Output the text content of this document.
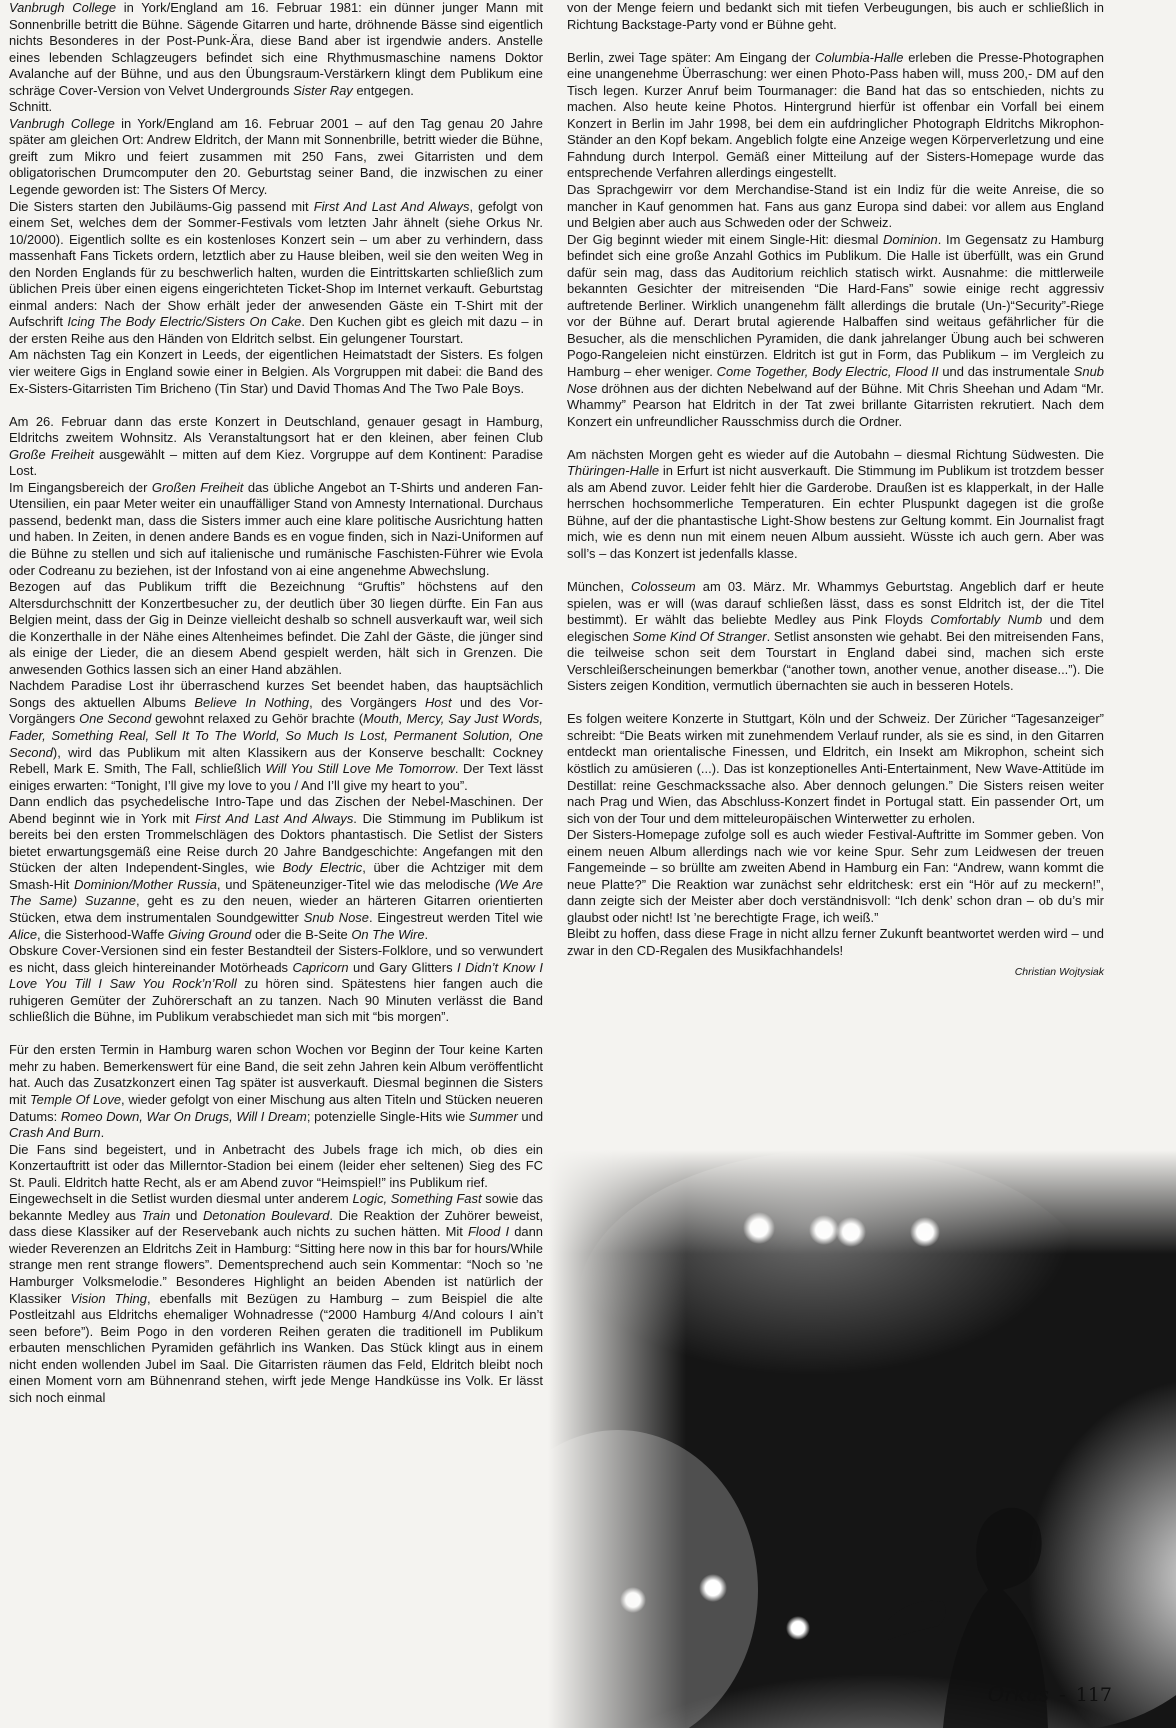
Vanbrugh College in York/England am 16. Februar 1981: ein dünner junger Mann mit Sonnenbrille betritt die Bühne. Sägende Gitarren und harte, dröhnende Bässe sind eigentlich nichts Besonderes in der Post-Punk-Ära, diese Band aber ist irgendwie anders. Anstelle eines lebenden Schlagzeugers befindet sich eine Rhythmusmaschine namens Doktor Avalanche auf der Bühne, und aus den Übungsraum-Verstärkern klingt dem Publikum eine schräge Cover-Version von Velvet Undergrounds Sister Ray entgegen.

Schnitt.

Vanbrugh College in York/England am 16. Februar 2001 – auf den Tag genau 20 Jahre später am gleichen Ort: Andrew Eldritch, der Mann mit Sonnenbrille, betritt wieder die Bühne, greift zum Mikro und feiert zusammen mit 250 Fans, zwei Gitarristen und dem obligatorischen Drumcomputer den 20. Geburtstag seiner Band, die inzwischen zu einer Legende geworden ist: The Sisters Of Mercy.

Die Sisters starten den Jubiläums-Gig passend mit First And Last And Always, gefolgt von einem Set, welches dem der Sommer-Festivals vom letzten Jahr ähnelt (siehe Orkus Nr. 10/2000). Eigentlich sollte es ein kostenloses Konzert sein – um aber zu verhindern, dass massenhaft Fans Tickets ordern, letztlich aber zu Hause bleiben, weil sie den weiten Weg in den Norden Englands für zu beschwerlich halten, wurden die Eintrittskarten schließlich zum üblichen Preis über einen eigens eingerichteten Ticket-Shop im Internet verkauft. Geburtstag einmal anders: Nach der Show erhält jeder der anwesenden Gäste ein T-Shirt mit der Aufschrift Icing The Body Electric/Sisters On Cake. Den Kuchen gibt es gleich mit dazu – in der ersten Reihe aus den Händen von Eldritch selbst. Ein gelungener Tourstart.

Am nächsten Tag ein Konzert in Leeds, der eigentlichen Heimatstadt der Sisters. Es folgen vier weitere Gigs in England sowie einer in Belgien. Als Vorgruppen mit dabei: die Band des Ex-Sisters-Gitarristen Tim Bricheno (Tin Star) und David Thomas And The Two Pale Boys.

Am 26. Februar dann das erste Konzert in Deutschland, genauer gesagt in Hamburg, Eldritchs zweitem Wohnsitz. Als Veranstaltungsort hat er den kleinen, aber feinen Club Große Freiheit ausgewählt – mitten auf dem Kiez. Vorgruppe auf dem Kontinent: Paradise Lost.

Im Eingangsbereich der Großen Freiheit das übliche Angebot an T-Shirts und anderen Fan-Utensilien, ein paar Meter weiter ein unauffälliger Stand von Amnesty International. Durchaus passend, bedenkt man, dass die Sisters immer auch eine klare politische Ausrichtung hatten und haben. In Zeiten, in denen andere Bands es en vogue finden, sich in Nazi-Uniformen auf die Bühne zu stellen und sich auf italienische und rumänische Faschisten-Führer wie Evola oder Codreanu zu beziehen, ist der Infostand von ai eine angenehme Abwechslung.

Bezogen auf das Publikum trifft die Bezeichnung “Gruftis” höchstens auf den Altersdurchschnitt der Konzertbesucher zu, der deutlich über 30 liegen dürfte. Ein Fan aus Belgien meint, dass der Gig in Deinze vielleicht deshalb so schnell ausverkauft war, weil sich die Konzerthalle in der Nähe eines Altenheimes befindet. Die Zahl der Gäste, die jünger sind als einige der Lieder, die an diesem Abend gespielt werden, hält sich in Grenzen. Die anwesenden Gothics lassen sich an einer Hand abzählen.

Nachdem Paradise Lost ihr überraschend kurzes Set beendet haben, das hauptsächlich Songs des aktuellen Albums Believe In Nothing, des Vorgängers Host und des Vor-Vorgängers One Second gewohnt relaxed zu Gehör brachte (Mouth, Mercy, Say Just Words, Fader, Something Real, Sell It To The World, So Much Is Lost, Permanent Solution, One Second), wird das Publikum mit alten Klassikern aus der Konserve beschallt: Cockney Rebell, Mark E. Smith, The Fall, schließlich Will You Still Love Me Tomorrow. Der Text lässt einiges erwarten: “Tonight, I’ll give my love to you / And I’ll give my heart to you”.

Dann endlich das psychedelische Intro-Tape und das Zischen der Nebel-Maschinen. Der Abend beginnt wie in York mit First And Last And Always. Die Stimmung im Publikum ist bereits bei den ersten Trommelschlägen des Doktors phantastisch. Die Setlist der Sisters bietet erwartungsgemäß eine Reise durch 20 Jahre Bandgeschichte: Angefangen mit den Stücken der alten Independent-Singles, wie Body Electric, über die Achtziger mit dem Smash-Hit Dominion/Mother Russia, und Späteneunziger-Titel wie das melodische (We Are The Same) Suzanne, geht es zu den neuen, wieder an härteren Gitarren orientierten Stücken, etwa dem instrumentalen Soundgewitter Snub Nose. Eingestreut werden Titel wie Alice, die Sisterhood-Waffe Giving Ground oder die B-Seite On The Wire.

Obskure Cover-Versionen sind ein fester Bestandteil der Sisters-Folklore, und so verwundert es nicht, dass gleich hintereinander Motörheads Capricorn und Gary Glitters I Didn’t Know I Love You Till I Saw You Rock’n’Roll zu hören sind. Spätestens hier fangen auch die ruhigeren Gemüter der Zuhörerschaft an zu tanzen. Nach 90 Minuten verlässt die Band schließlich die Bühne, im Publikum verabschiedet man sich mit “bis morgen”.

Für den ersten Termin in Hamburg waren schon Wochen vor Beginn der Tour keine Karten mehr zu haben. Bemerkenswert für eine Band, die seit zehn Jahren kein Album veröffentlicht hat. Auch das Zusatzkonzert einen Tag später ist ausverkauft. Diesmal beginnen die Sisters mit Temple Of Love, wieder gefolgt von einer Mischung aus alten Titeln und Stücken neueren Datums: Romeo Down, War On Drugs, Will I Dream; potenzielle Single-Hits wie Summer und Crash And Burn.

Die Fans sind begeistert, und in Anbetracht des Jubels frage ich mich, ob dies ein Konzertauftritt ist oder das Millerntor-Stadion bei einem (leider eher seltenen) Sieg des FC St. Pauli. Eldritch hatte Recht, als er am Abend zuvor “Heimspiel!” ins Publikum rief.

Eingewechselt in die Setlist wurden diesmal unter anderem Logic, Something Fast sowie das bekannte Medley aus Train und Detonation Boulevard. Die Reaktion der Zuhörer beweist, dass diese Klassiker auf der Reservebank auch nichts zu suchen hätten. Mit Flood I dann wieder Reverenzen an Eldritchs Zeit in Hamburg: “Sitting here now in this bar for hours/While strange men rent strange flowers”. Dementsprechend auch sein Kommentar: “Noch so ’ne Hamburger Volksmelodie.” Besonderes Highlight an beiden Abenden ist natürlich der Klassiker Vision Thing, ebenfalls mit Bezügen zu Hamburg – zum Beispiel die alte Postleitzahl aus Eldritchs ehemaliger Wohnadresse (“2000 Hamburg 4/And colours I ain’t seen before”). Beim Pogo in den vorderen Reihen geraten die traditionell im Publikum erbauten menschlichen Pyramiden gefährlich ins Wanken. Das Stück klingt aus in einem nicht enden wollenden Jubel im Saal. Die Gitarristen räumen das Feld, Eldritch bleibt noch einen Moment vorn am Bühnenrand stehen, wirft jede Menge Handküsse ins Volk. Er lässt sich noch einmal

von der Menge feiern und bedankt sich mit tiefen Verbeugungen, bis auch er schließlich in Richtung Backstage-Party vond er Bühne geht.

Berlin, zwei Tage später: Am Eingang der Columbia-Halle erleben die Presse-Photographen eine unangenehme Überraschung: wer einen Photo-Pass haben will, muss 200,- DM auf den Tisch legen. Kurzer Anruf beim Tourmanager: die Band hat das so entschieden, nichts zu machen. Also heute keine Photos. Hintergrund hierfür ist offenbar ein Vorfall bei einem Konzert in Berlin im Jahr 1998, bei dem ein aufdringlicher Photograph Eldritchs Mikrophon-Ständer an den Kopf bekam. Angeblich folgte eine Anzeige wegen Körperverletzung und eine Fahndung durch Interpol. Gemäß einer Mitteilung auf der Sisters-Homepage wurde das entsprechende Verfahren allerdings eingestellt.

Das Sprachgewirr vor dem Merchandise-Stand ist ein Indiz für die weite Anreise, die so mancher in Kauf genommen hat. Fans aus ganz Europa sind dabei: vor allem aus England und Belgien aber auch aus Schweden oder der Schweiz.

Der Gig beginnt wieder mit einem Single-Hit: diesmal Dominion. Im Gegensatz zu Hamburg befindet sich eine große Anzahl Gothics im Publikum. Die Halle ist überfüllt, was ein Grund dafür sein mag, dass das Auditorium reichlich statisch wirkt. Ausnahme: die mittlerweile bekannten Gesichter der mitreisenden “Die Hard-Fans” sowie einige recht aggressiv auftretende Berliner. Wirklich unangenehm fällt allerdings die brutale (Un-)“Security”-Riege vor der Bühne auf. Derart brutal agierende Halbaffen sind weitaus gefährlicher für die Besucher, als die menschlichen Pyramiden, die dank jahrelanger Übung auch bei schweren Pogo-Rangeleien nicht einstürzen. Eldritch ist gut in Form, das Publikum – im Vergleich zu Hamburg – eher weniger. Come Together, Body Electric, Flood II und das instrumentale Snub Nose dröhnen aus der dichten Nebelwand auf der Bühne. Mit Chris Sheehan und Adam “Mr. Whammy” Pearson hat Eldritch in der Tat zwei brillante Gitarristen rekrutiert. Nach dem Konzert ein unfreundlicher Rausschmiss durch die Ordner.

Am nächsten Morgen geht es wieder auf die Autobahn – diesmal Richtung Südwesten. Die Thüringen-Halle in Erfurt ist nicht ausverkauft. Die Stimmung im Publikum ist trotzdem besser als am Abend zuvor. Leider fehlt hier die Garderobe. Draußen ist es klapperkalt, in der Halle herrschen hochsommerliche Temperaturen. Ein echter Pluspunkt dagegen ist die große Bühne, auf der die phantastische Light-Show bestens zur Geltung kommt. Ein Journalist fragt mich, wie es denn nun mit einem neuen Album aussieht. Wüsste ich auch gern. Aber was soll’s – das Konzert ist jedenfalls klasse.

München, Colosseum am 03. März. Mr. Whammys Geburtstag. Angeblich darf er heute spielen, was er will (was darauf schließen lässt, dass es sonst Eldritch ist, der die Titel bestimmt). Er wählt das beliebte Medley aus Pink Floyds Comfortably Numb und dem elegischen Some Kind Of Stranger. Setlist ansonsten wie gehabt. Bei den mitreisenden Fans, die teilweise schon seit dem Tourstart in England dabei sind, machen sich erste Verschleißerscheinungen bemerkbar (“another town, another venue, another disease...”). Die Sisters zeigen Kondition, vermutlich übernachten sie auch in besseren Hotels.

Es folgen weitere Konzerte in Stuttgart, Köln und der Schweiz. Der Züricher “Tagesanzeiger” schreibt: “Die Beats wirken mit zunehmendem Verlauf runder, als sie es sind, in den Gitarren entdeckt man orientalische Finessen, und Eldritch, ein Insekt am Mikrophon, scheint sich köstlich zu amüsieren (...). Das ist konzeptionelles Anti-Entertainment, New Wave-Attitüde im Destillat: reine Geschmackssache also. Aber dennoch gelungen.” Die Sisters reisen weiter nach Prag und Wien, das Abschluss-Konzert findet in Portugal statt. Ein passender Ort, um sich von der Tour und dem mitteleuropäischen Winterwetter zu erholen.

Der Sisters-Homepage zufolge soll es auch wieder Festival-Auftritte im Sommer geben. Von einem neuen Album allerdings nach wie vor keine Spur. Sehr zum Leidwesen der treuen Fangemeinde – so brüllte am zweiten Abend in Hamburg ein Fan: “Andrew, wann kommt die neue Platte?” Die Reaktion war zunächst sehr eldritchesk: erst ein “Hör auf zu meckern!”, dann zeigte sich der Meister aber doch verständnisvoll: “Ich denk’ schon dran – ob du’s mir glaubst oder nicht! Ist ’ne berechtigte Frage, ich weiß.”

Bleibt zu hoffen, dass diese Frage in nicht allzu ferner Zukunft beantwortet werden wird – und zwar in den CD-Regalen des Musikfachhandels!

Christian Wojtysiak
Orkus - 117
